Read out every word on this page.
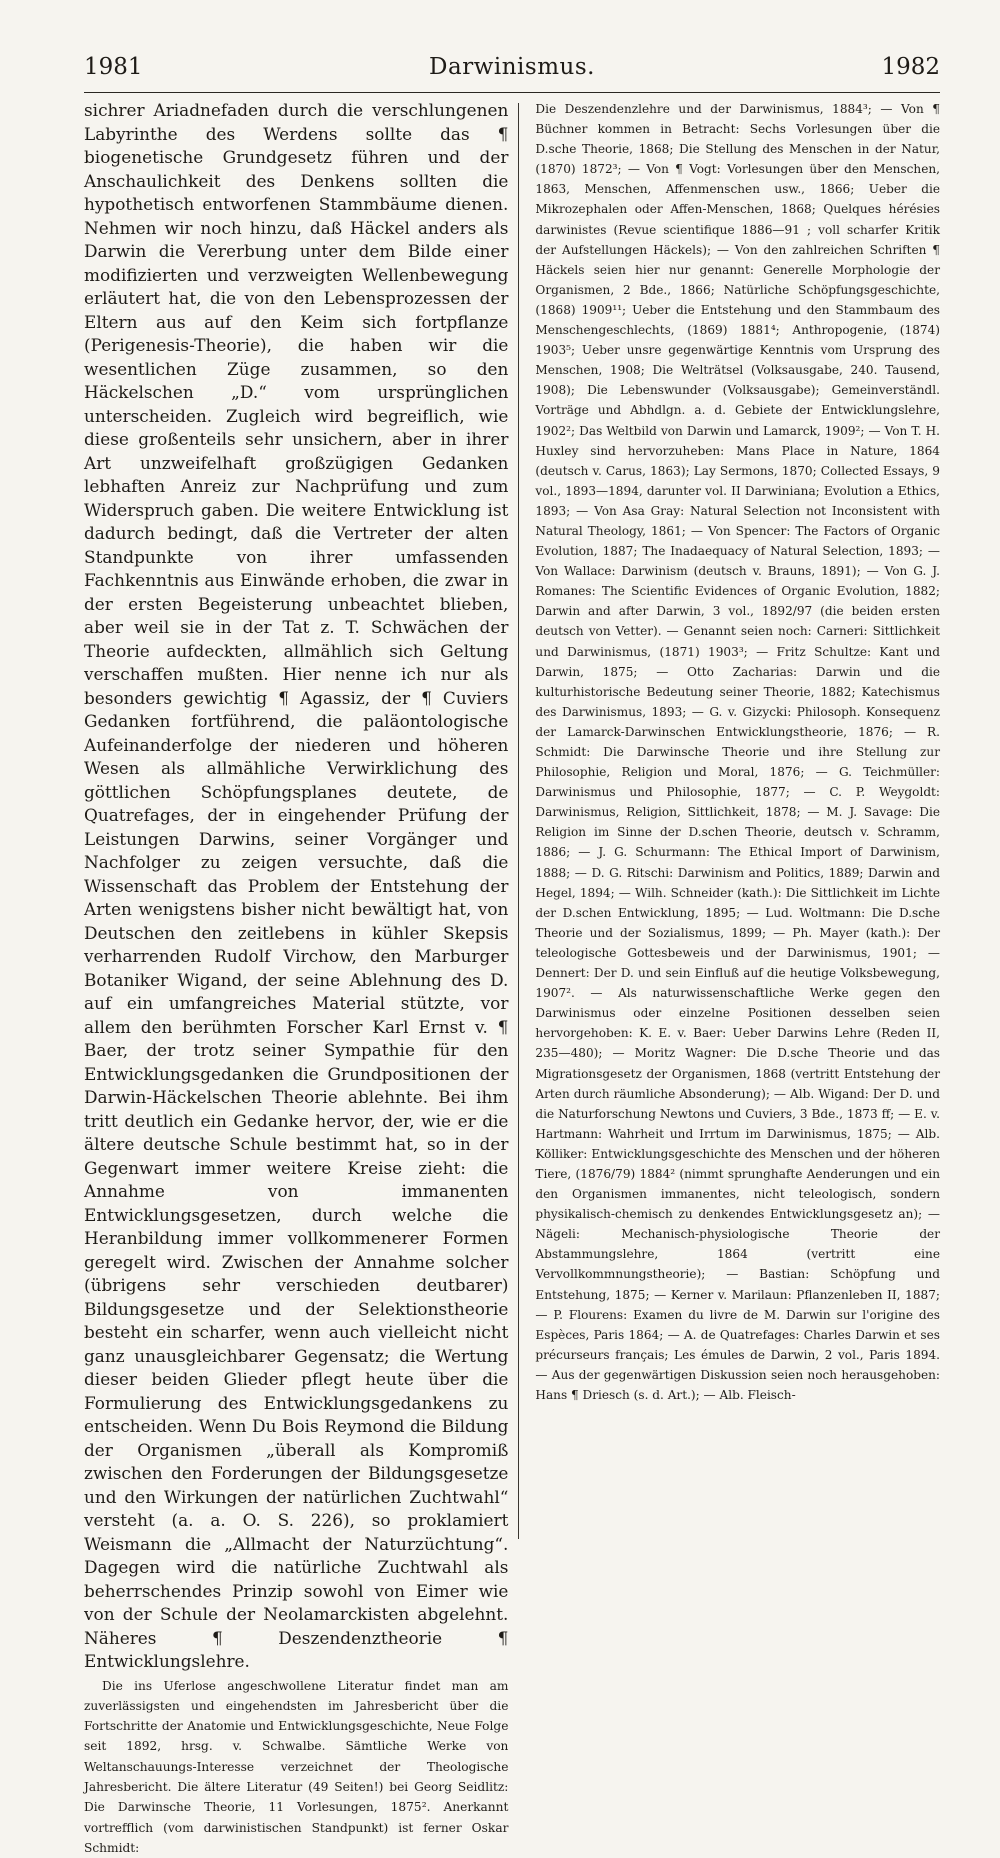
1981	Darwinismus.	1982

sichrer Ariadnefaden durch die verschlungenen Labyrinthe des Werdens sollte das ¶ biogenetische Grundgesetz führen und der Anschaulichkeit des Denkens sollten die hypothetisch entworfenen Stammbäume dienen. Nehmen wir noch hinzu, daß Häckel anders als Darwin die Vererbung unter dem Bilde einer modifizierten und verzweigten Wellenbewegung erläutert hat, die von den Lebensprozessen der Eltern aus auf den Keim sich fortpflanze (Perigenesis-Theorie), die haben wir die wesentlichen Züge zusammen, so den Häckelschen „D.“ vom ursprünglichen unterscheiden. Zugleich wird begreiflich, wie diese großenteils sehr unsichern, aber in ihrer Art unzweifelhaft großzügigen Gedanken lebhaften Anreiz zur Nachprüfung und zum Widerspruch gaben. Die weitere Entwicklung ist dadurch bedingt, daß die Vertreter der alten Standpunkte von ihrer umfassenden Fachkenntnis aus Einwände erhoben, die zwar in der ersten Begeisterung unbeachtet blieben, aber weil sie in der Tat z. T. Schwächen der Theorie aufdeckten, allmählich sich Geltung verschaffen mußten. Hier nenne ich nur als besonders gewichtig ¶ Agassiz, der ¶ Cuviers Gedanken fortführend, die paläontologische Aufeinanderfolge der niederen und höheren Wesen als allmähliche Verwirklichung des göttlichen Schöpfungsplanes deutete, de Quatrefages, der in eingehender Prüfung der Leistungen Darwins, seiner Vorgänger und Nachfolger zu zeigen versuchte, daß die Wissenschaft das Problem der Entstehung der Arten wenigstens bisher nicht bewältigt hat, von Deutschen den zeitlebens in kühler Skepsis verharrenden Rudolf Virchow, den Marburger Botaniker Wigand, der seine Ablehnung des D. auf ein umfangreiches Material stützte, vor allem den berühmten Forscher Karl Ernst v. ¶ Baer, der trotz seiner Sympathie für den Entwicklungsgedanken die Grundpositionen der Darwin-Häckelschen Theorie ablehnte. Bei ihm tritt deutlich ein Gedanke hervor, der, wie er die ältere deutsche Schule bestimmt hat, so in der Gegenwart immer weitere Kreise zieht: die Annahme von immanenten Entwicklungsgesetzen, durch welche die Heranbildung immer vollkommenerer Formen geregelt wird. Zwischen der Annahme solcher (übrigens sehr verschieden deutbarer) Bildungsgesetze und der Selektionstheorie besteht ein scharfer, wenn auch vielleicht nicht ganz unausgleichbarer Gegensatz; die Wertung dieser beiden Glieder pflegt heute über die Formulierung des Entwicklungsgedankens zu entscheiden. Wenn Du Bois Reymond die Bildung der Organismen „überall als Kompromiß zwischen den Forderungen der Bildungsgesetze und den Wirkungen der natürlichen Zuchtwahl“ versteht (a. a. O. S. 226), so proklamiert Weismann die „Allmacht der Naturzüchtung“. Dagegen wird die natürliche Zuchtwahl als beherrschendes Prinzip sowohl von Eimer wie von der Schule der Neolamarckisten abgelehnt. Näheres ¶ Deszendenztheorie ¶ Entwicklungslehre.

Die ins Uferlose angeschwollene Literatur findet man am zuverlässigsten und eingehendsten im Jahresbericht über die Fortschritte der Anatomie und Entwicklungsgeschichte, Neue Folge seit 1892, hrsg. v. Schwalbe. Sämtliche Werke von Weltanschauungs-Interesse verzeichnet der Theologische Jahresbericht. Die ältere Literatur (49 Seiten!) bei Georg Seidlitz: Die Darwinsche Theorie, 11 Vorlesungen, 1875². Anerkannt vortrefflich (vom darwinistischen Standpunkt) ist ferner Oskar Schmidt:

Die Deszendenzlehre und der Darwinismus, 1884³; — Von ¶ Büchner kommen in Betracht: Sechs Vorlesungen über die D.sche Theorie, 1868; Die Stellung des Menschen in der Natur, (1870) 1872³; — Von ¶ Vogt: Vorlesungen über den Menschen, 1863, Menschen, Affenmenschen usw., 1866; Ueber die Mikrozephalen oder Affen-Menschen, 1868; Quelques hérésies darwinistes (Revue scientifique 1886—91 ; voll scharfer Kritik der Aufstellungen Häckels); — Von den zahlreichen Schriften ¶ Häckels seien hier nur genannt: Generelle Morphologie der Organismen, 2 Bde., 1866; Natürliche Schöpfungsgeschichte, (1868) 1909¹¹; Ueber die Entstehung und den Stammbaum des Menschengeschlechts, (1869) 1881⁴; Anthropogenie, (1874) 1903⁵; Ueber unsre gegenwärtige Kenntnis vom Ursprung des Menschen, 1908; Die Welträtsel (Volksausgabe, 240. Tausend, 1908); Die Lebenswunder (Volksausgabe); Gemeinverständl. Vorträge und Abhdlgn. a. d. Gebiete der Entwicklungslehre, 1902²; Das Weltbild von Darwin und Lamarck, 1909²; — Von T. H. Huxley sind hervorzuheben: Mans Place in Nature, 1864 (deutsch v. Carus, 1863); Lay Sermons, 1870; Collected Essays, 9 vol., 1893—1894, darunter vol. II Darwiniana; Evolution a Ethics, 1893; — Von Asa Gray: Natural Selection not Inconsistent with Natural Theology, 1861; — Von Spencer: The Factors of Organic Evolution, 1887; The Inadaequacy of Natural Selection, 1893; — Von Wallace: Darwinism (deutsch v. Brauns, 1891); — Von G. J. Romanes: The Scientific Evidences of Organic Evolution, 1882; Darwin and after Darwin, 3 vol., 1892/97 (die beiden ersten deutsch von Vetter). — Genannt seien noch: Carneri: Sittlichkeit und Darwinismus, (1871) 1903³; — Fritz Schultze: Kant und Darwin, 1875; — Otto Zacharias: Darwin und die kulturhistorische Bedeutung seiner Theorie, 1882; Katechismus des Darwinismus, 1893; — G. v. Gizycki: Philosoph. Konsequenz der Lamarck-Darwinschen Entwicklungstheorie, 1876; — R. Schmidt: Die Darwinsche Theorie und ihre Stellung zur Philosophie, Religion und Moral, 1876; — G. Teichmüller: Darwinismus und Philosophie, 1877; — C. P. Weygoldt: Darwinismus, Religion, Sittlichkeit, 1878; — M. J. Savage: Die Religion im Sinne der D.schen Theorie, deutsch v. Schramm, 1886; — J. G. Schurmann: The Ethical Import of Darwinism, 1888; — D. G. Ritschi: Darwinism and Politics, 1889; Darwin and Hegel, 1894; — Wilh. Schneider (kath.): Die Sittlichkeit im Lichte der D.schen Entwicklung, 1895; — Lud. Woltmann: Die D.sche Theorie und der Sozialismus, 1899; — Ph. Mayer (kath.): Der teleologische Gottesbeweis und der Darwinismus, 1901; — Dennert: Der D. und sein Einfluß auf die heutige Volksbewegung, 1907². — Als naturwissenschaftliche Werke gegen den Darwinismus oder einzelne Positionen desselben seien hervorgehoben: K. E. v. Baer: Ueber Darwins Lehre (Reden II, 235—480); — Moritz Wagner: Die D.sche Theorie und das Migrationsgesetz der Organismen, 1868 (vertritt Entstehung der Arten durch räumliche Absonderung); — Alb. Wigand: Der D. und die Naturforschung Newtons und Cuviers, 3 Bde., 1873 ff; — E. v. Hartmann: Wahrheit und Irrtum im Darwinismus, 1875; — Alb. Kölliker: Entwicklungsgeschichte des Menschen und der höheren Tiere, (1876/79) 1884² (nimmt sprunghafte Aenderungen und ein den Organismen immanentes, nicht teleologisch, sondern physikalisch-chemisch zu denkendes Entwicklungsgesetz an); — Nägeli: Mechanisch-physiologische Theorie der Abstammungslehre, 1864 (vertritt eine Vervollkommnungstheorie); — Bastian: Schöpfung und Entstehung, 1875; — Kerner v. Marilaun: Pflanzenleben II, 1887; — P. Flourens: Examen du livre de M. Darwin sur l'origine des Espèces, Paris 1864; — A. de Quatrefages: Charles Darwin et ses précurseurs français; Les émules de Darwin, 2 vol., Paris 1894. — Aus der gegenwärtigen Diskussion seien noch herausgehoben: Hans ¶ Driesch (s. d. Art.); — Alb. Fleisch-
